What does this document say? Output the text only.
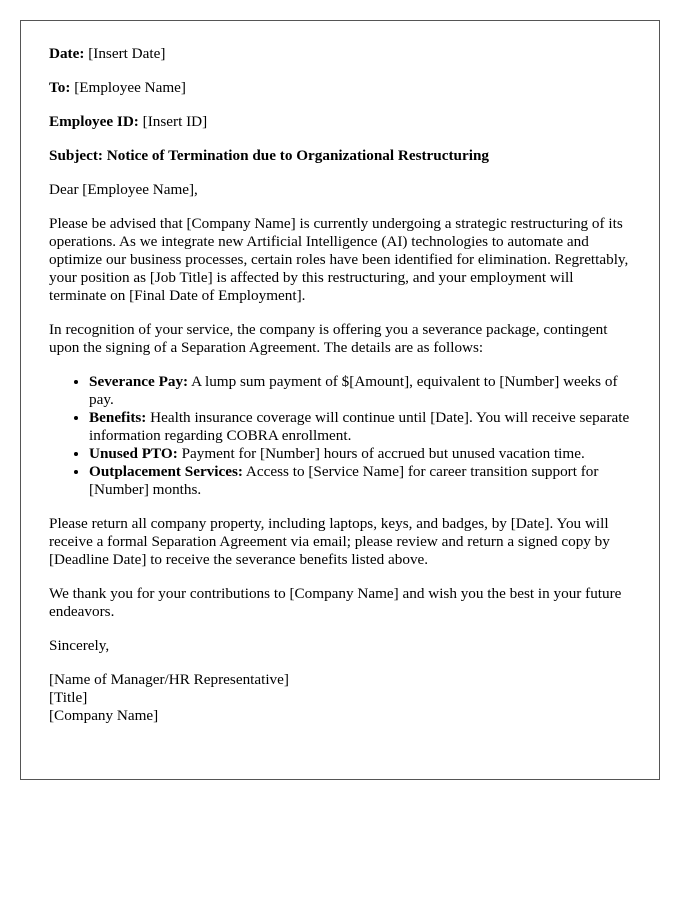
Date: [Insert Date]

To: [Employee Name]

Employee ID: [Insert ID]

Subject: Notice of Termination due to Organizational Restructuring

Dear [Employee Name],

Please be advised that [Company Name] is currently undergoing a strategic restructuring of its operations. As we integrate new Artificial Intelligence (AI) technologies to automate and optimize our business processes, certain roles have been identified for elimination. Regrettably, your position as [Job Title] is affected by this restructuring, and your employment will terminate on [Final Date of Employment].

In recognition of your service, the company is offering you a severance package, contingent upon the signing of a Separation Agreement. The details are as follows:

• Severance Pay: A lump sum payment of $[Amount], equivalent to [Number] weeks of pay.
• Benefits: Health insurance coverage will continue until [Date]. You will receive separate information regarding COBRA enrollment.
• Unused PTO: Payment for [Number] hours of accrued but unused vacation time.
• Outplacement Services: Access to [Service Name] for career transition support for [Number] months.

Please return all company property, including laptops, keys, and badges, by [Date]. You will receive a formal Separation Agreement via email; please review and return a signed copy by [Deadline Date] to receive the severance benefits listed above.

We thank you for your contributions to [Company Name] and wish you the best in your future endeavors.

Sincerely,

[Name of Manager/HR Representative]
[Title]
[Company Name]
